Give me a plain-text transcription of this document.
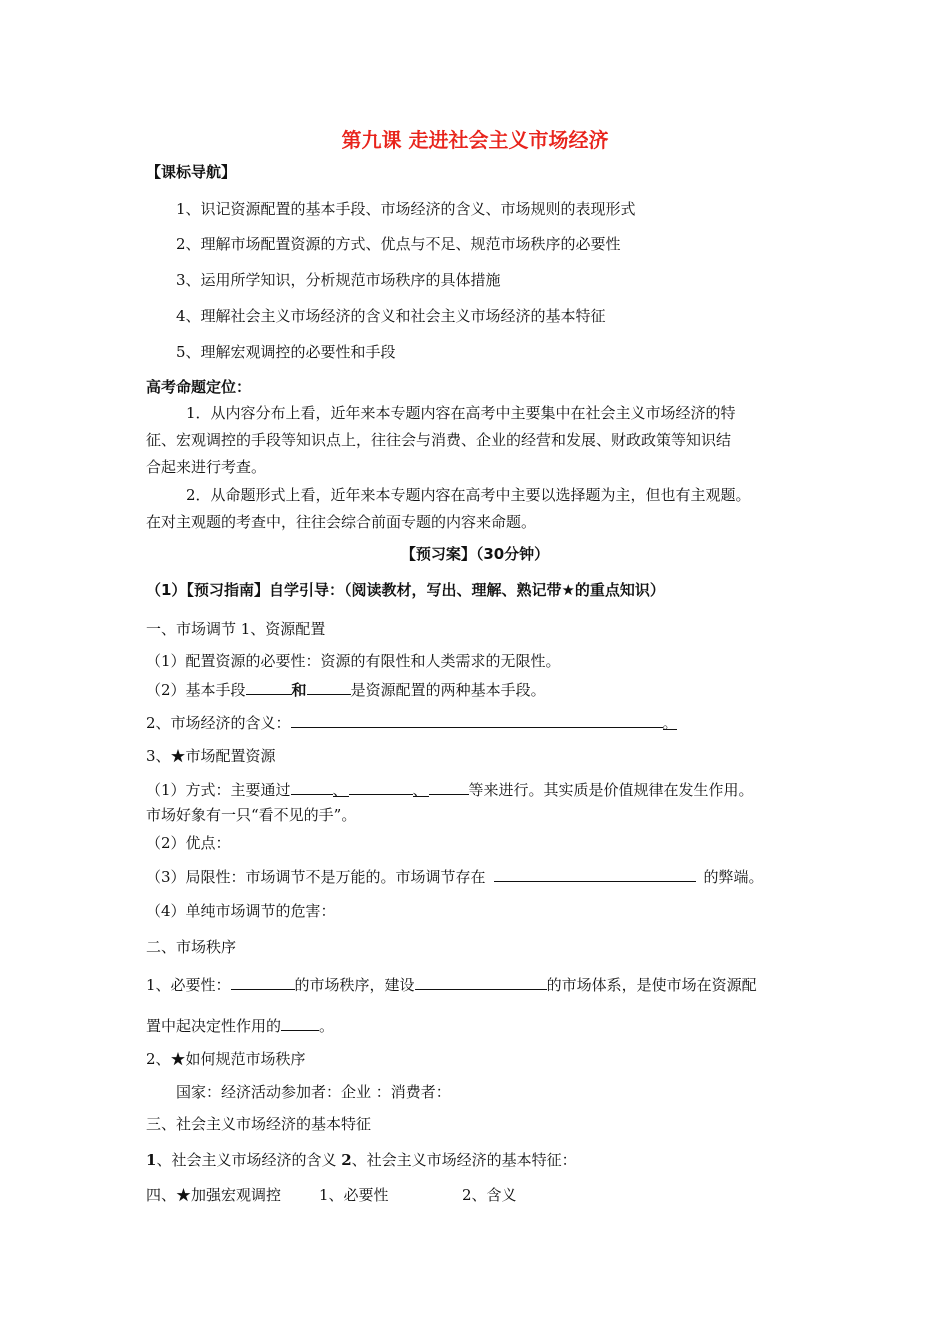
第九课 走进社会主义市场经济
【课标导航】
1、识记资源配置的基本手段、市场经济的含义、市场规则的表现形式
2、理解市场配置资源的方式、优点与不足、规范市场秩序的必要性
3、运用所学知识，分析规范市场秩序的具体措施
4、理解社会主义市场经济的含义和社会主义市场经济的基本特征
5、理解宏观调控的必要性和手段
高考命题定位：
1．从内容分布上看，近年来本专题内容在高考中主要集中在社会主义市场经济的特
征、宏观调控的手段等知识点上，往往会与消费、企业的经营和发展、财政政策等知识结
合起来进行考查。
2．从命题形式上看，近年来本专题内容在高考中主要以选择题为主，但也有主观题。
在对主观题的考查中，往往会综合前面专题的内容来命题。
【预习案】（30分钟）
（1）【预习指南】自学引导：（阅读教材，写出、理解、熟记带★的重点知识）
一、市场调节 1、资源配置
（1）配置资源的必要性：资源的有限性和人类需求的无限性。
（2）基本手段	和	是资源配置的两种基本手段。
2、市场经济的含义：	。
3、★市场配置资源
（1）方式：主要通过	、	、	等来进行。其实质是价值规律在发生作用。
市场好象有一只“看不见的手”。
（2）优点：
（3）局限性：市场调节不是万能的。市场调节存在	的弊端。
（4）单纯市场调节的危害：
二、市场秩序
1、必要性：	的市场秩序，建设	的市场体系，是使市场在资源配
置中起决定性作用的	。
2、★如何规范市场秩序
国家：经济活动参加者：企业 ：消费者：
三、社会主义市场经济的基本特征
1、社会主义市场经济的含义 2、社会主义市场经济的基本特征：
四、★加强宏观调控	1、必要性	2、含义
